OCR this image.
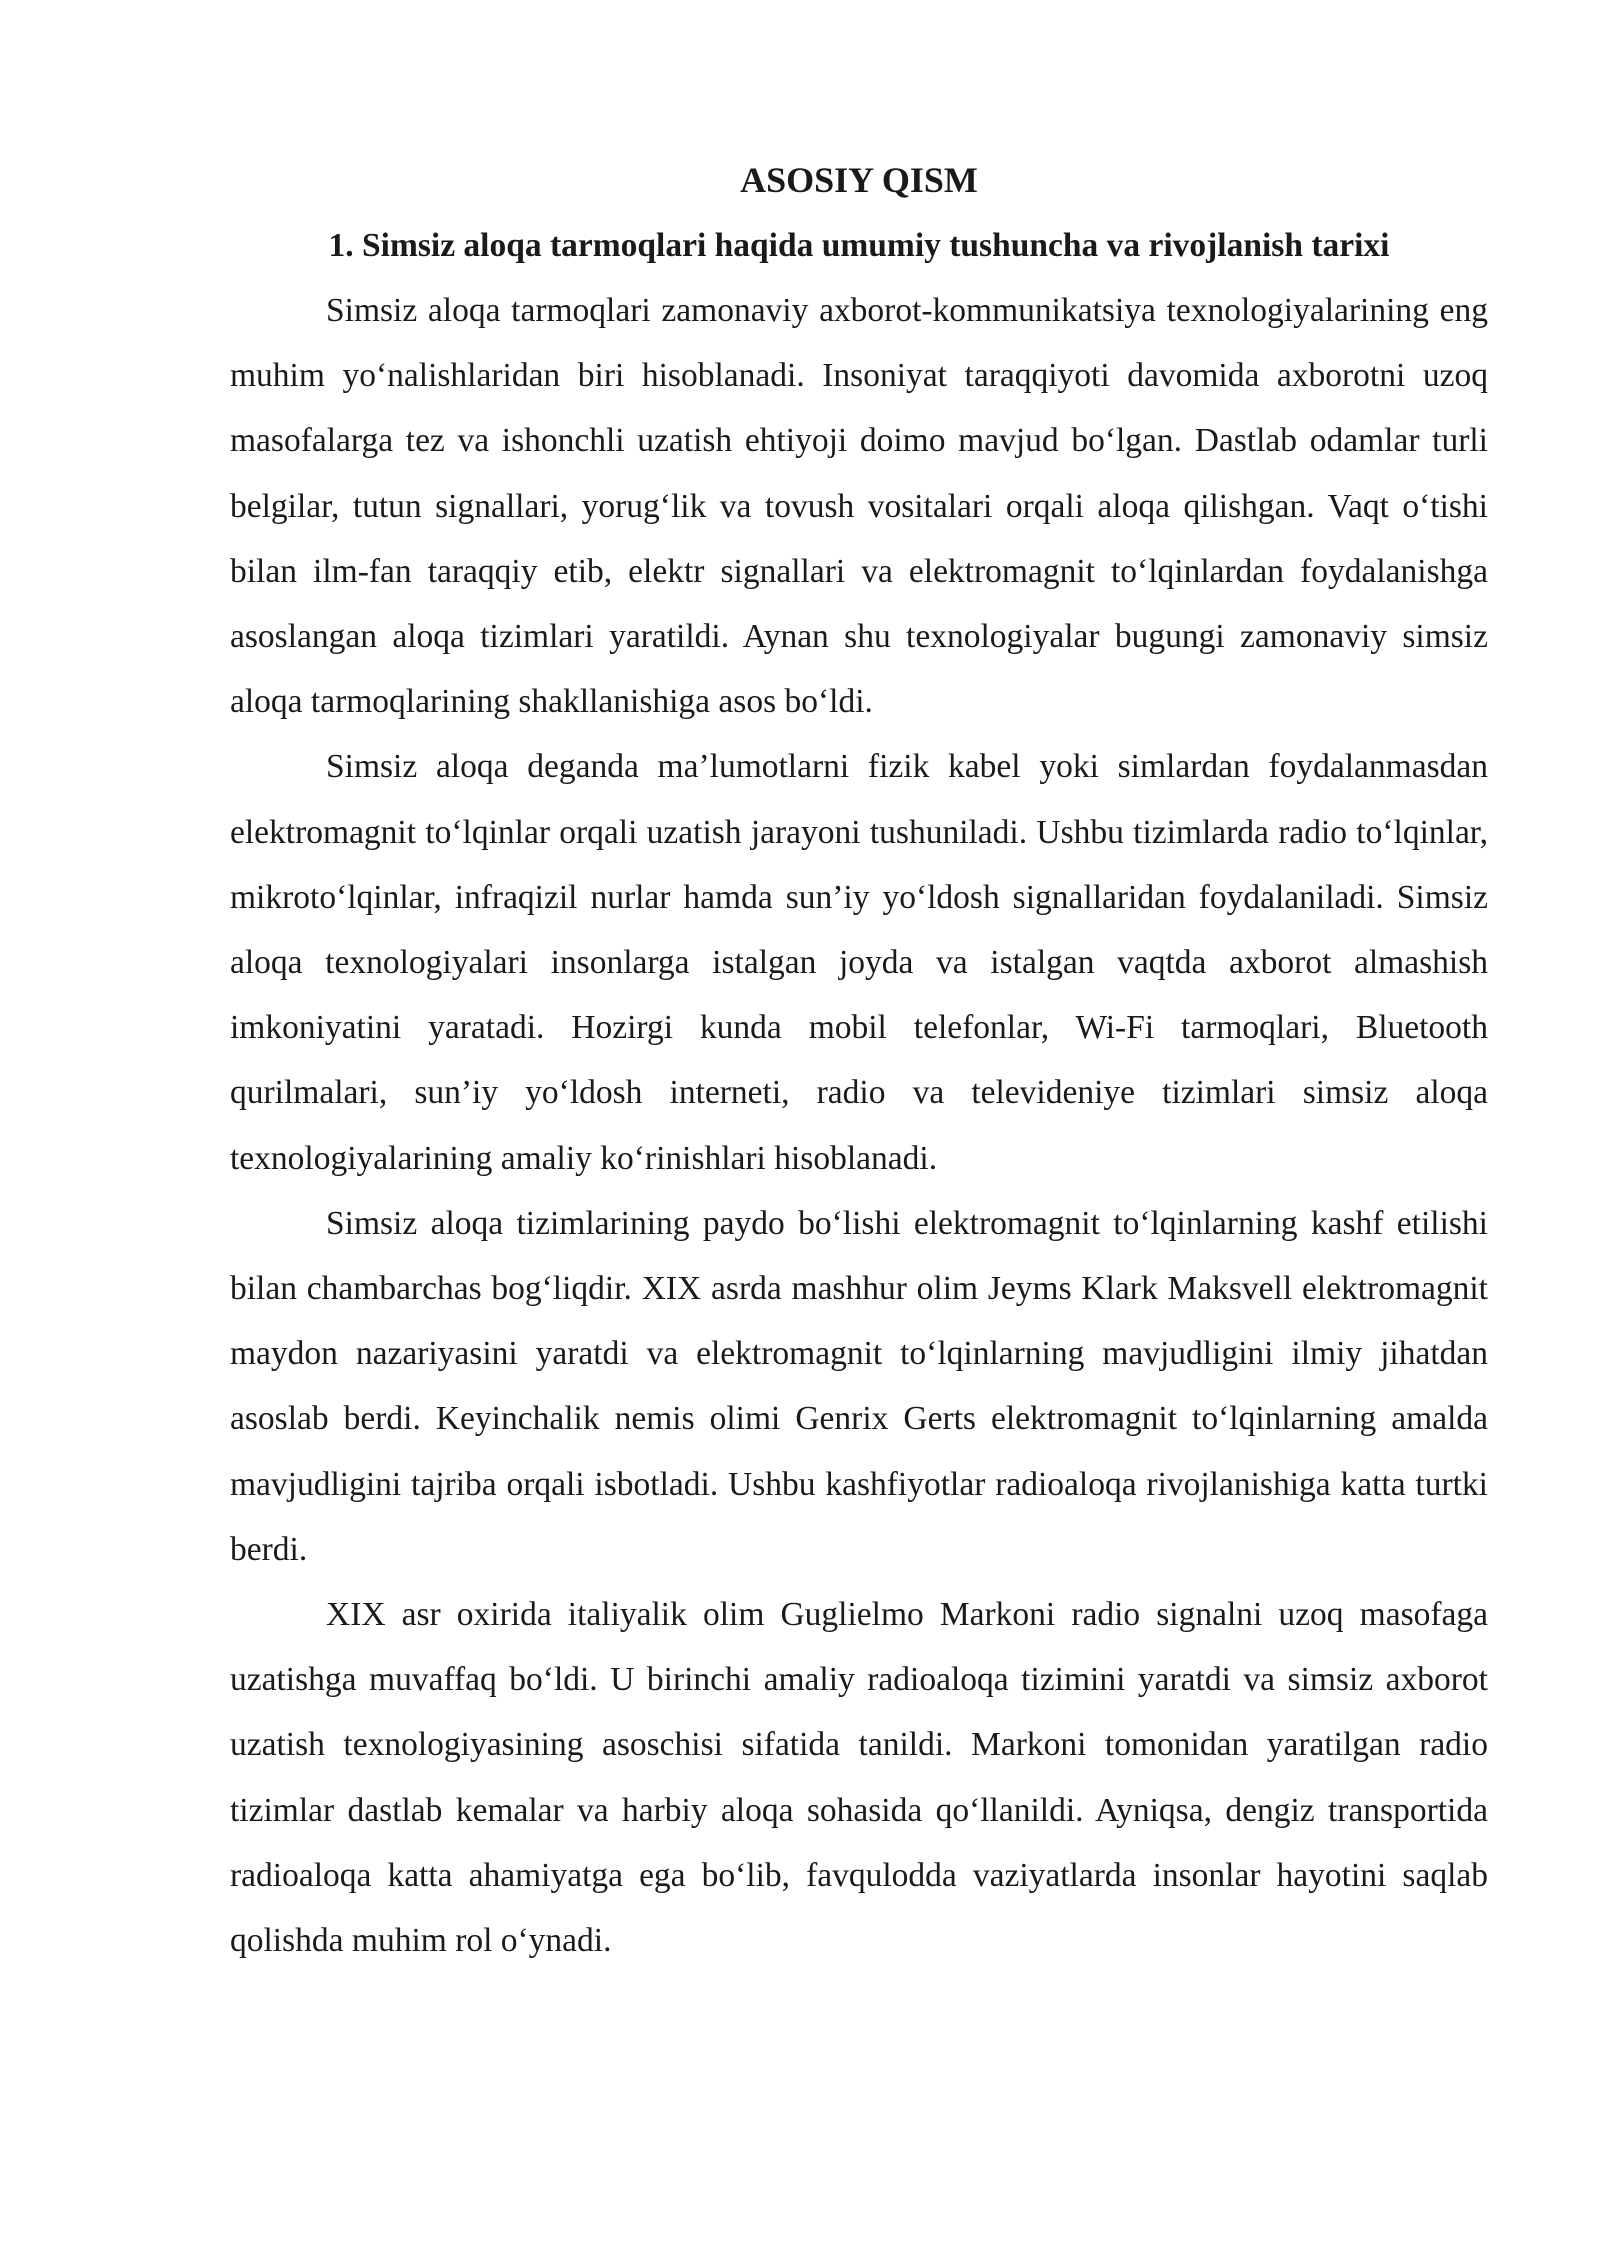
ASOSIY QISM
1. Simsiz aloqa tarmoqlari haqida umumiy tushuncha va rivojlanish tarixi

Simsiz aloqa tarmoqlari zamonaviy axborot-kommunikatsiya texnologiyalarining eng muhim yo‘nalishlaridan biri hisoblanadi. Insoniyat taraqqiyoti davomida axborotni uzoq masofalarga tez va ishonchli uzatish ehtiyoji doimo mavjud bo‘lgan. Dastlab odamlar turli belgilar, tutun signallari, yorug‘lik va tovush vositalari orqali aloqa qilishgan. Vaqt o‘tishi bilan ilm-fan taraqqiy etib, elektr signallari va elektromagnit to‘lqinlardan foydalanishga asoslangan aloqa tizimlari yaratildi. Aynan shu texnologiyalar bugungi zamonaviy simsiz aloqa tarmoqlarining shakllanishiga asos bo‘ldi.

Simsiz aloqa deganda ma’lumotlarni fizik kabel yoki simlardan foydalanmasdan elektromagnit to‘lqinlar orqali uzatish jarayoni tushuniladi. Ushbu tizimlarda radio to‘lqinlar, mikroto‘lqinlar, infraqizil nurlar hamda sun’iy yo‘ldosh signallaridan foydalaniladi. Simsiz aloqa texnologiyalari insonlarga istalgan joyda va istalgan vaqtda axborot almashish imkoniyatini yaratadi. Hozirgi kunda mobil telefonlar, Wi-Fi tarmoqlari, Bluetooth qurilmalari, sun’iy yo‘ldosh interneti, radio va televideniye tizimlari simsiz aloqa texnologiyalarining amaliy ko‘rinishlari hisoblanadi.

Simsiz aloqa tizimlarining paydo bo‘lishi elektromagnit to‘lqinlarning kashf etilishi bilan chambarchas bog‘liqdir. XIX asrda mashhur olim Jeyms Klark Maksvell elektromagnit maydon nazariyasini yaratdi va elektromagnit to‘lqinlarning mavjudligini ilmiy jihatdan asoslab berdi. Keyinchalik nemis olimi Genrix Gerts elektromagnit to‘lqinlarning amalda mavjudligini tajriba orqali isbotladi. Ushbu kashfiyotlar radioaloqa rivojlanishiga katta turtki berdi.

XIX asr oxirida italiyalik olim Guglielmo Markoni radio signalni uzoq masofaga uzatishga muvaffaq bo‘ldi. U birinchi amaliy radioaloqa tizimini yaratdi va simsiz axborot uzatish texnologiyasining asoschisi sifatida tanildi. Markoni tomonidan yaratilgan radio tizimlar dastlab kemalar va harbiy aloqa sohasida qo‘llanildi. Ayniqsa, dengiz transportida radioaloqa katta ahamiyatga ega bo‘lib, favqulodda vaziyatlarda insonlar hayotini saqlab qolishda muhim rol o‘ynadi.
